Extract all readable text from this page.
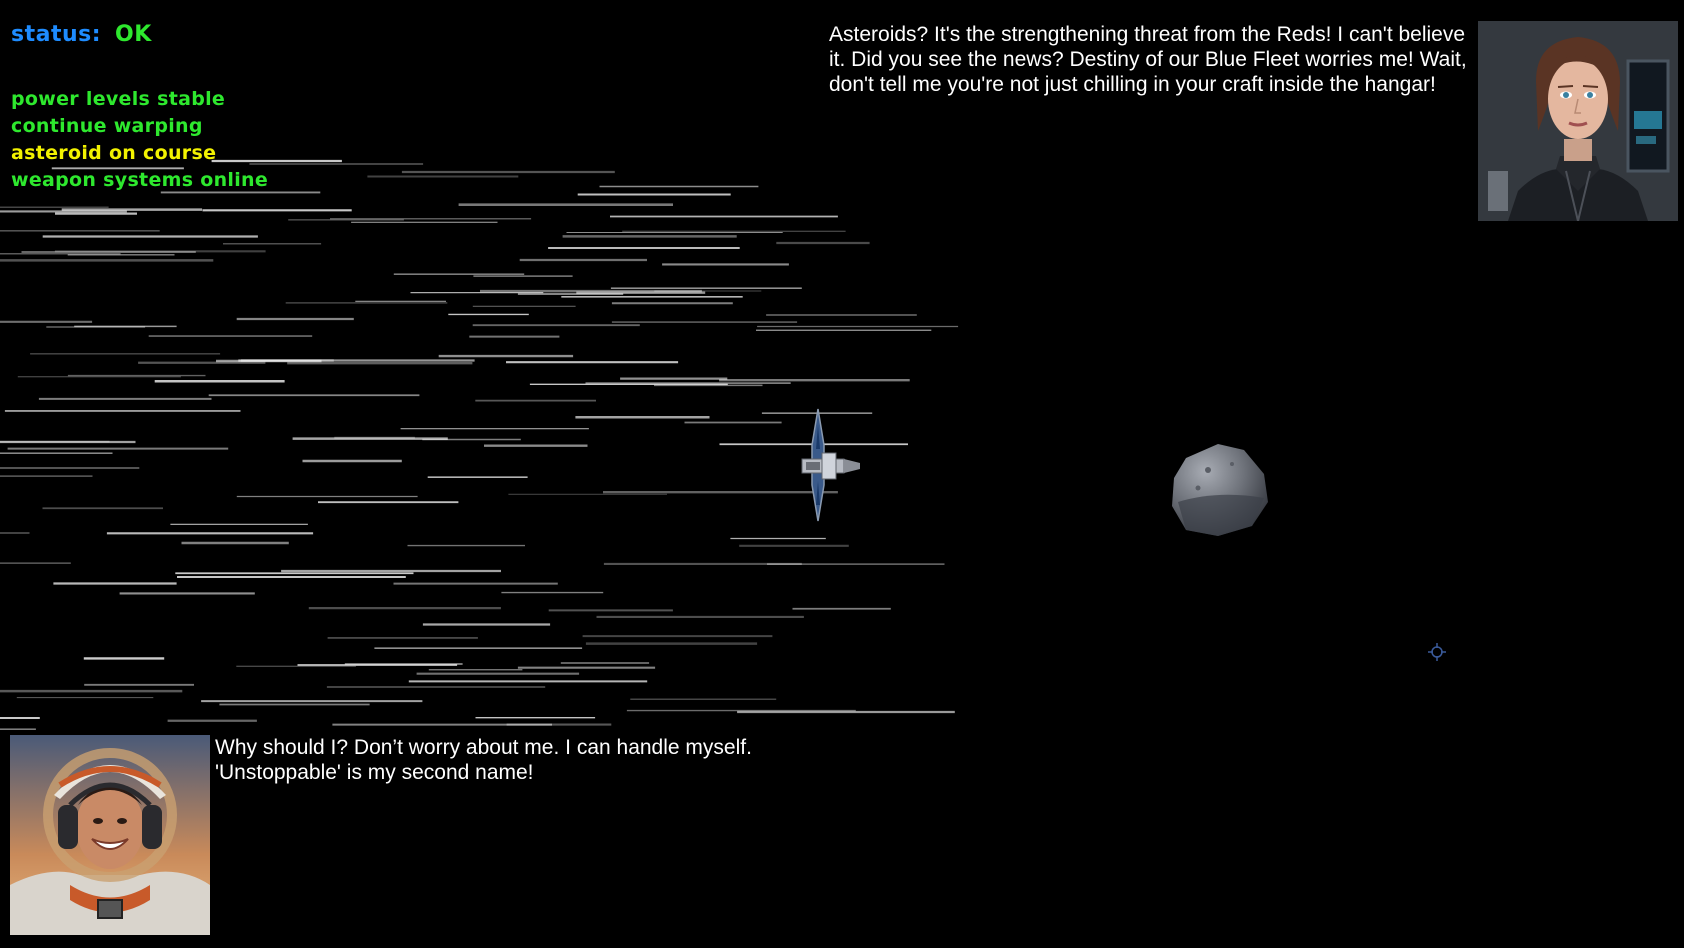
status: OK
power levels stable
continue warping
asteroid on course
weapon systems online
Asteroids? It's the strengthening threat from the Reds! I can't believe it. Did you see the news? Destiny of our Blue Fleet worries me! Wait, don't tell me you're not just chilling in your craft inside the hangar!
Why should I? Don’t worry about me. I can handle myself. 'Unstoppable' is my second name!
